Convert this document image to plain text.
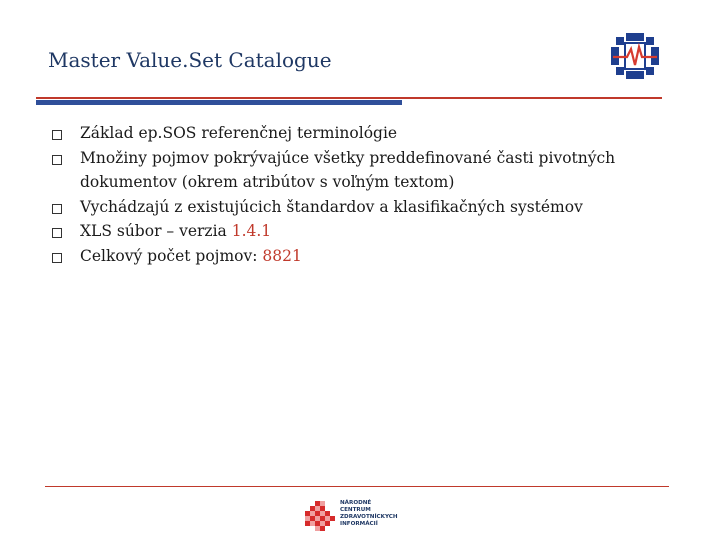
Master Value.Set Catalogue
Základ ep.SOS referenčnej terminológie
Množiny pojmov pokrývajúce všetky preddefinované časti pivotných dokumentov (okrem atribútov s voľným textom)
Vychádzajú z existujúcich štandardov a klasifikačných systémov
XLS súbor – verzia 1.4.1
Celkový počet pojmov: 8821
NÁRODNÉ
CENTRUM
ZDRAVOTNÍCKYCH
INFORMÁCIÍ
